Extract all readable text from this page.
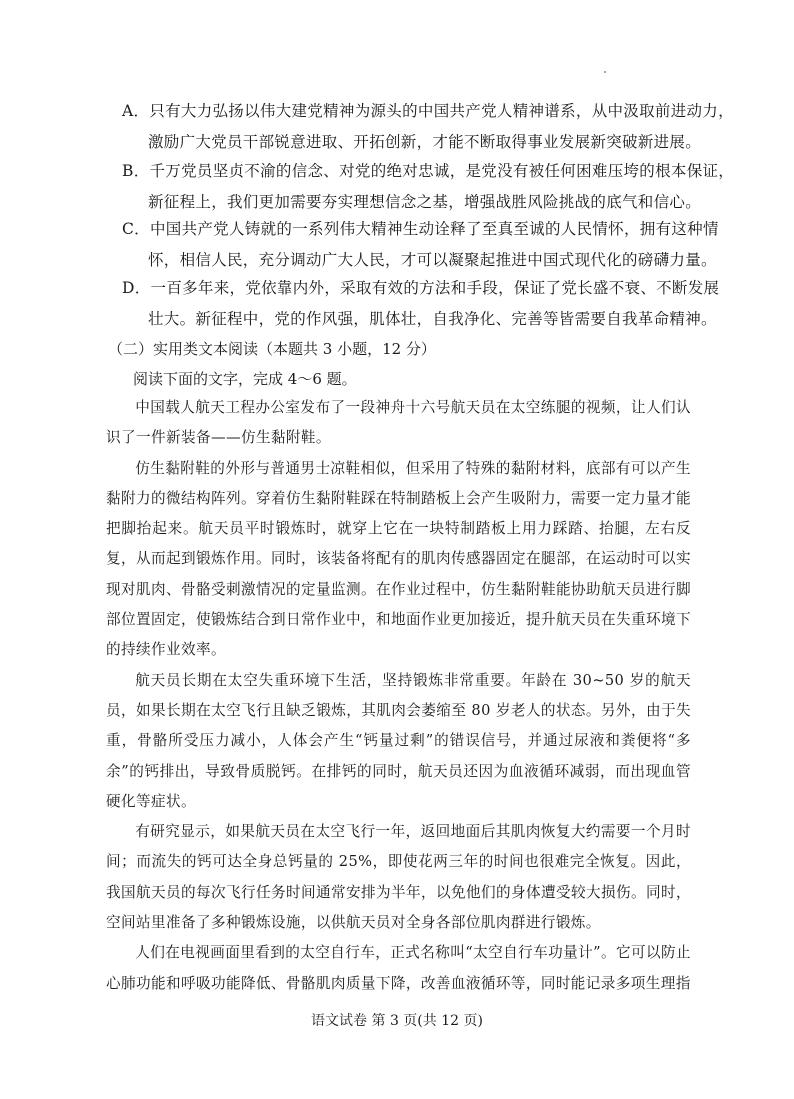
A．只有大力弘扬以伟大建党精神为源头的中国共产党人精神谱系，从中汲取前进动力，
激励广大党员干部锐意进取、开拓创新，才能不断取得事业发展新突破新进展。
B．千万党员坚贞不渝的信念、对党的绝对忠诚，是党没有被任何困难压垮的根本保证，
新征程上，我们更加需要夯实理想信念之基，增强战胜风险挑战的底气和信心。
C．中国共产党人铸就的一系列伟大精神生动诠释了至真至诚的人民情怀，拥有这种情
怀，相信人民，充分调动广大人民，才可以凝聚起推进中国式现代化的磅礴力量。
D．一百多年来，党依靠内外，采取有效的方法和手段，保证了党长盛不衰、不断发展
壮大。新征程中，党的作风强，肌体壮，自我净化、完善等皆需要自我革命精神。
（二）实用类文本阅读（本题共 3 小题，12 分）
阅读下面的文字，完成 4～6 题。

中国载人航天工程办公室发布了一段神舟十六号航天员在太空练腿的视频，让人们认识了一件新装备——仿生黏附鞋。

仿生黏附鞋的外形与普通男士凉鞋相似，但采用了特殊的黏附材料，底部有可以产生黏附力的微结构阵列。穿着仿生黏附鞋踩在特制踏板上会产生吸附力，需要一定力量才能把脚抬起来。航天员平时锻炼时，就穿上它在一块特制踏板上用力踩踏、抬腿，左右反复，从而起到锻炼作用。同时，该装备将配有的肌肉传感器固定在腿部，在运动时可以实现对肌肉、骨骼受刺激情况的定量监测。在作业过程中，仿生黏附鞋能协助航天员进行脚部位置固定，使锻炼结合到日常作业中，和地面作业更加接近，提升航天员在失重环境下的持续作业效率。

航天员长期在太空失重环境下生活，坚持锻炼非常重要。年龄在 30~50 岁的航天员，如果长期在太空飞行且缺乏锻炼，其肌肉会萎缩至 80 岁老人的状态。另外，由于失重，骨骼所受压力减小，人体会产生“钙量过剩”的错误信号，并通过尿液和粪便将“多余”的钙排出，导致骨质脱钙。在排钙的同时，航天员还因为血液循环减弱，而出现血管硬化等症状。

有研究显示，如果航天员在太空飞行一年，返回地面后其肌肉恢复大约需要一个月时间；而流失的钙可达全身总钙量的 25%，即使花两三年的时间也很难完全恢复。因此，我国航天员的每次飞行任务时间通常安排为半年，以免他们的身体遭受较大损伤。同时，空间站里准备了多种锻炼设施，以供航天员对全身各部位肌肉群进行锻炼。

人们在电视画面里看到的太空自行车，正式名称叫“太空自行车功量计”。它可以防止心肺功能和呼吸功能降低、骨骼肌肉质量下降，改善血液循环等，同时能记录多项生理指

语文试卷 第 3 页(共 12 页)
